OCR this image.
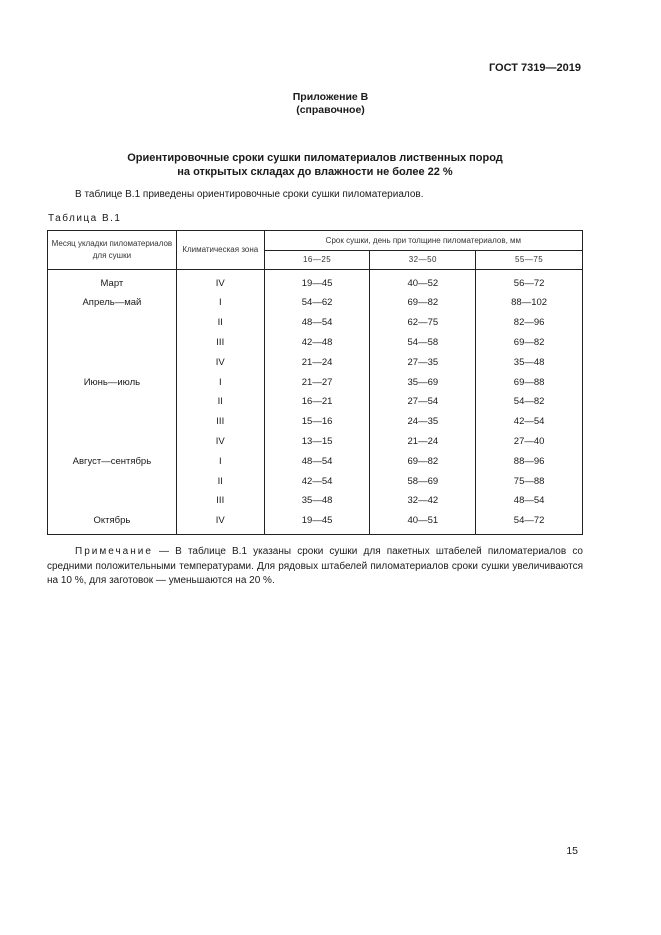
ГОСТ 7319—2019
Приложение В
(справочное)
Ориентировочные сроки сушки пиломатериалов лиственных пород
на открытых складах до влажности не более 22 %
В таблице В.1 приведены ориентировочные сроки сушки пиломатериалов.
Таблица В.1
Месяц укладки пиломатериалов для сушки	Климатическая зона	Срок сушки, день при толщине пиломатериалов, мм		
		16—25	32—50	55—75
Март	IV	19—45	40—52	56—72
Апрель—май	I	54—62	69—82	88—102
	II	48—54	62—75	82—96
	III	42—48	54—58	69—82
	IV	21—24	27—35	35—48
Июнь—июль	I	21—27	35—69	69—88
	II	16—21	27—54	54—82
	III	15—16	24—35	42—54
	IV	13—15	21—24	27—40
Август—сентябрь	I	48—54	69—82	88—96
	II	42—54	58—69	75—88
	III	35—48	32—42	48—54
Октябрь	IV	19—45	40—51	54—72
Примечание — В таблице В.1 указаны сроки сушки для пакетных штабелей пиломатериалов со средними положительными температурами. Для рядовых штабелей пиломатериалов сроки сушки увеличиваются на 10 %, для заготовок — уменьшаются на 20 %.
15
